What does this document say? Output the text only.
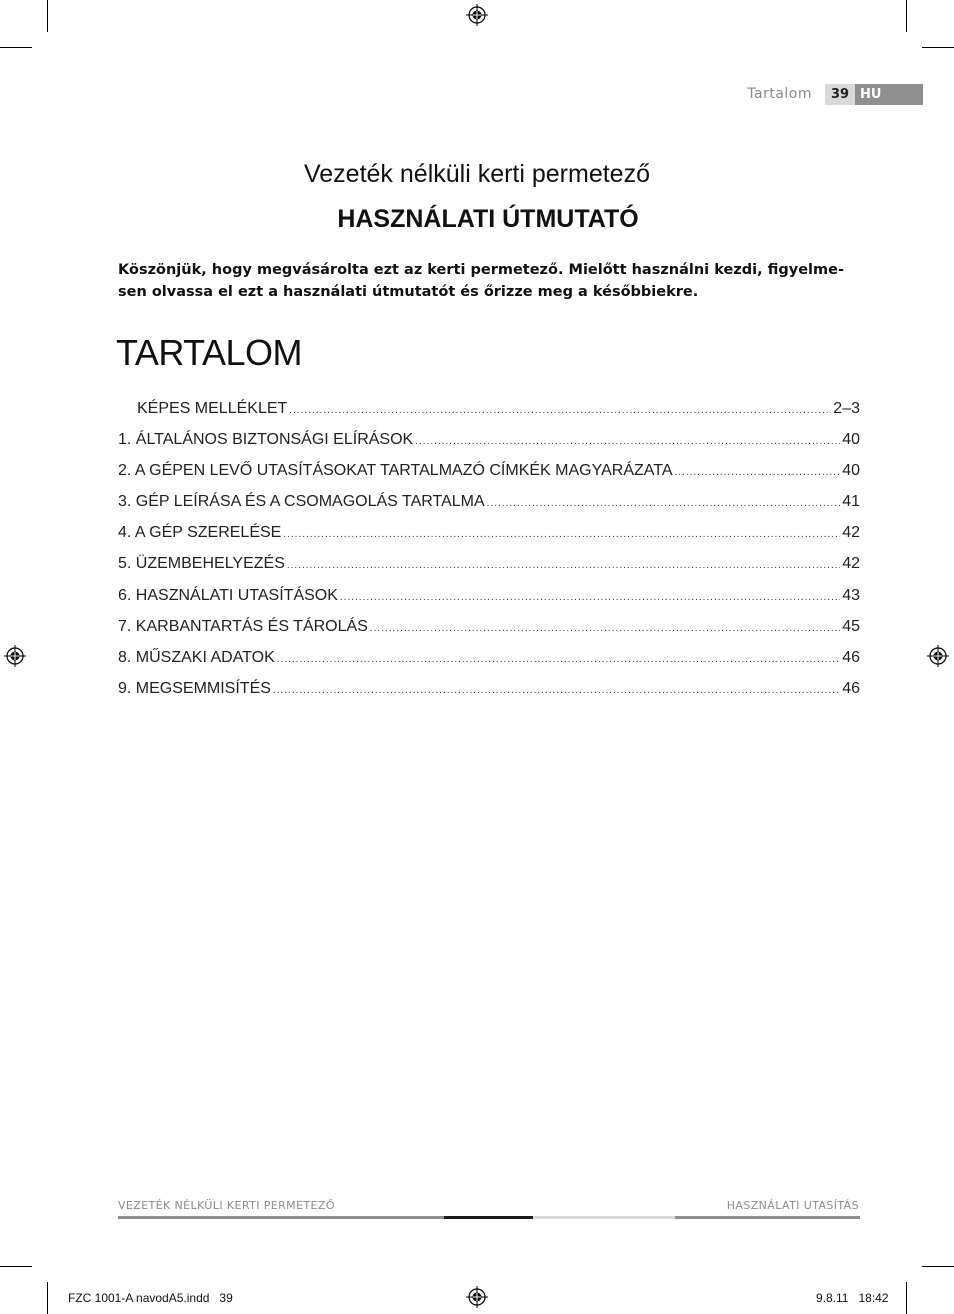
Tartalom	39 HU
Vezeték nélküli kerti permetező
HASZNÁLATI ÚTMUTATÓ
Köszönjük, hogy megvásárolta ezt az kerti permetező. Mielőtt használni kezdi, figyelme-sen olvassa el ezt a használati útmutatót és őrizze meg a későbbiekre.
TARTALOM
KÉPES MELLÉKLET .....	2–3
1. ÁLTALÁNOS BIZTONSÁGI ELÍRÁSOK .....	40
2. A GÉPEN LEVŐ UTASÍTÁSOKAT TARTALMAZÓ CÍMKÉK MAGYARÁZATA .....	40
3. GÉP LEÍRÁSA ÉS A CSOMAGOLÁS TARTALMA .....	41
4. A GÉP SZERELÉSE .....	42
5. ÜZEMBEHELYEZÉS .....	42
6. HASZNÁLATI UTASÍTÁSOK .....	43
7. KARBANTARTÁS ÉS TÁROLÁS .....	45
8. MŰSZAKI ADATOK .....	46
9. MEGSEMMISÍTÉS .....	46
VEZETÉK NÉLKÜLI KERTI PERMETEZŐ	HASZNÁLATI UTASÍTÁS
FZC 1001-A navodA5.indd   39	9.8.11   18:42
